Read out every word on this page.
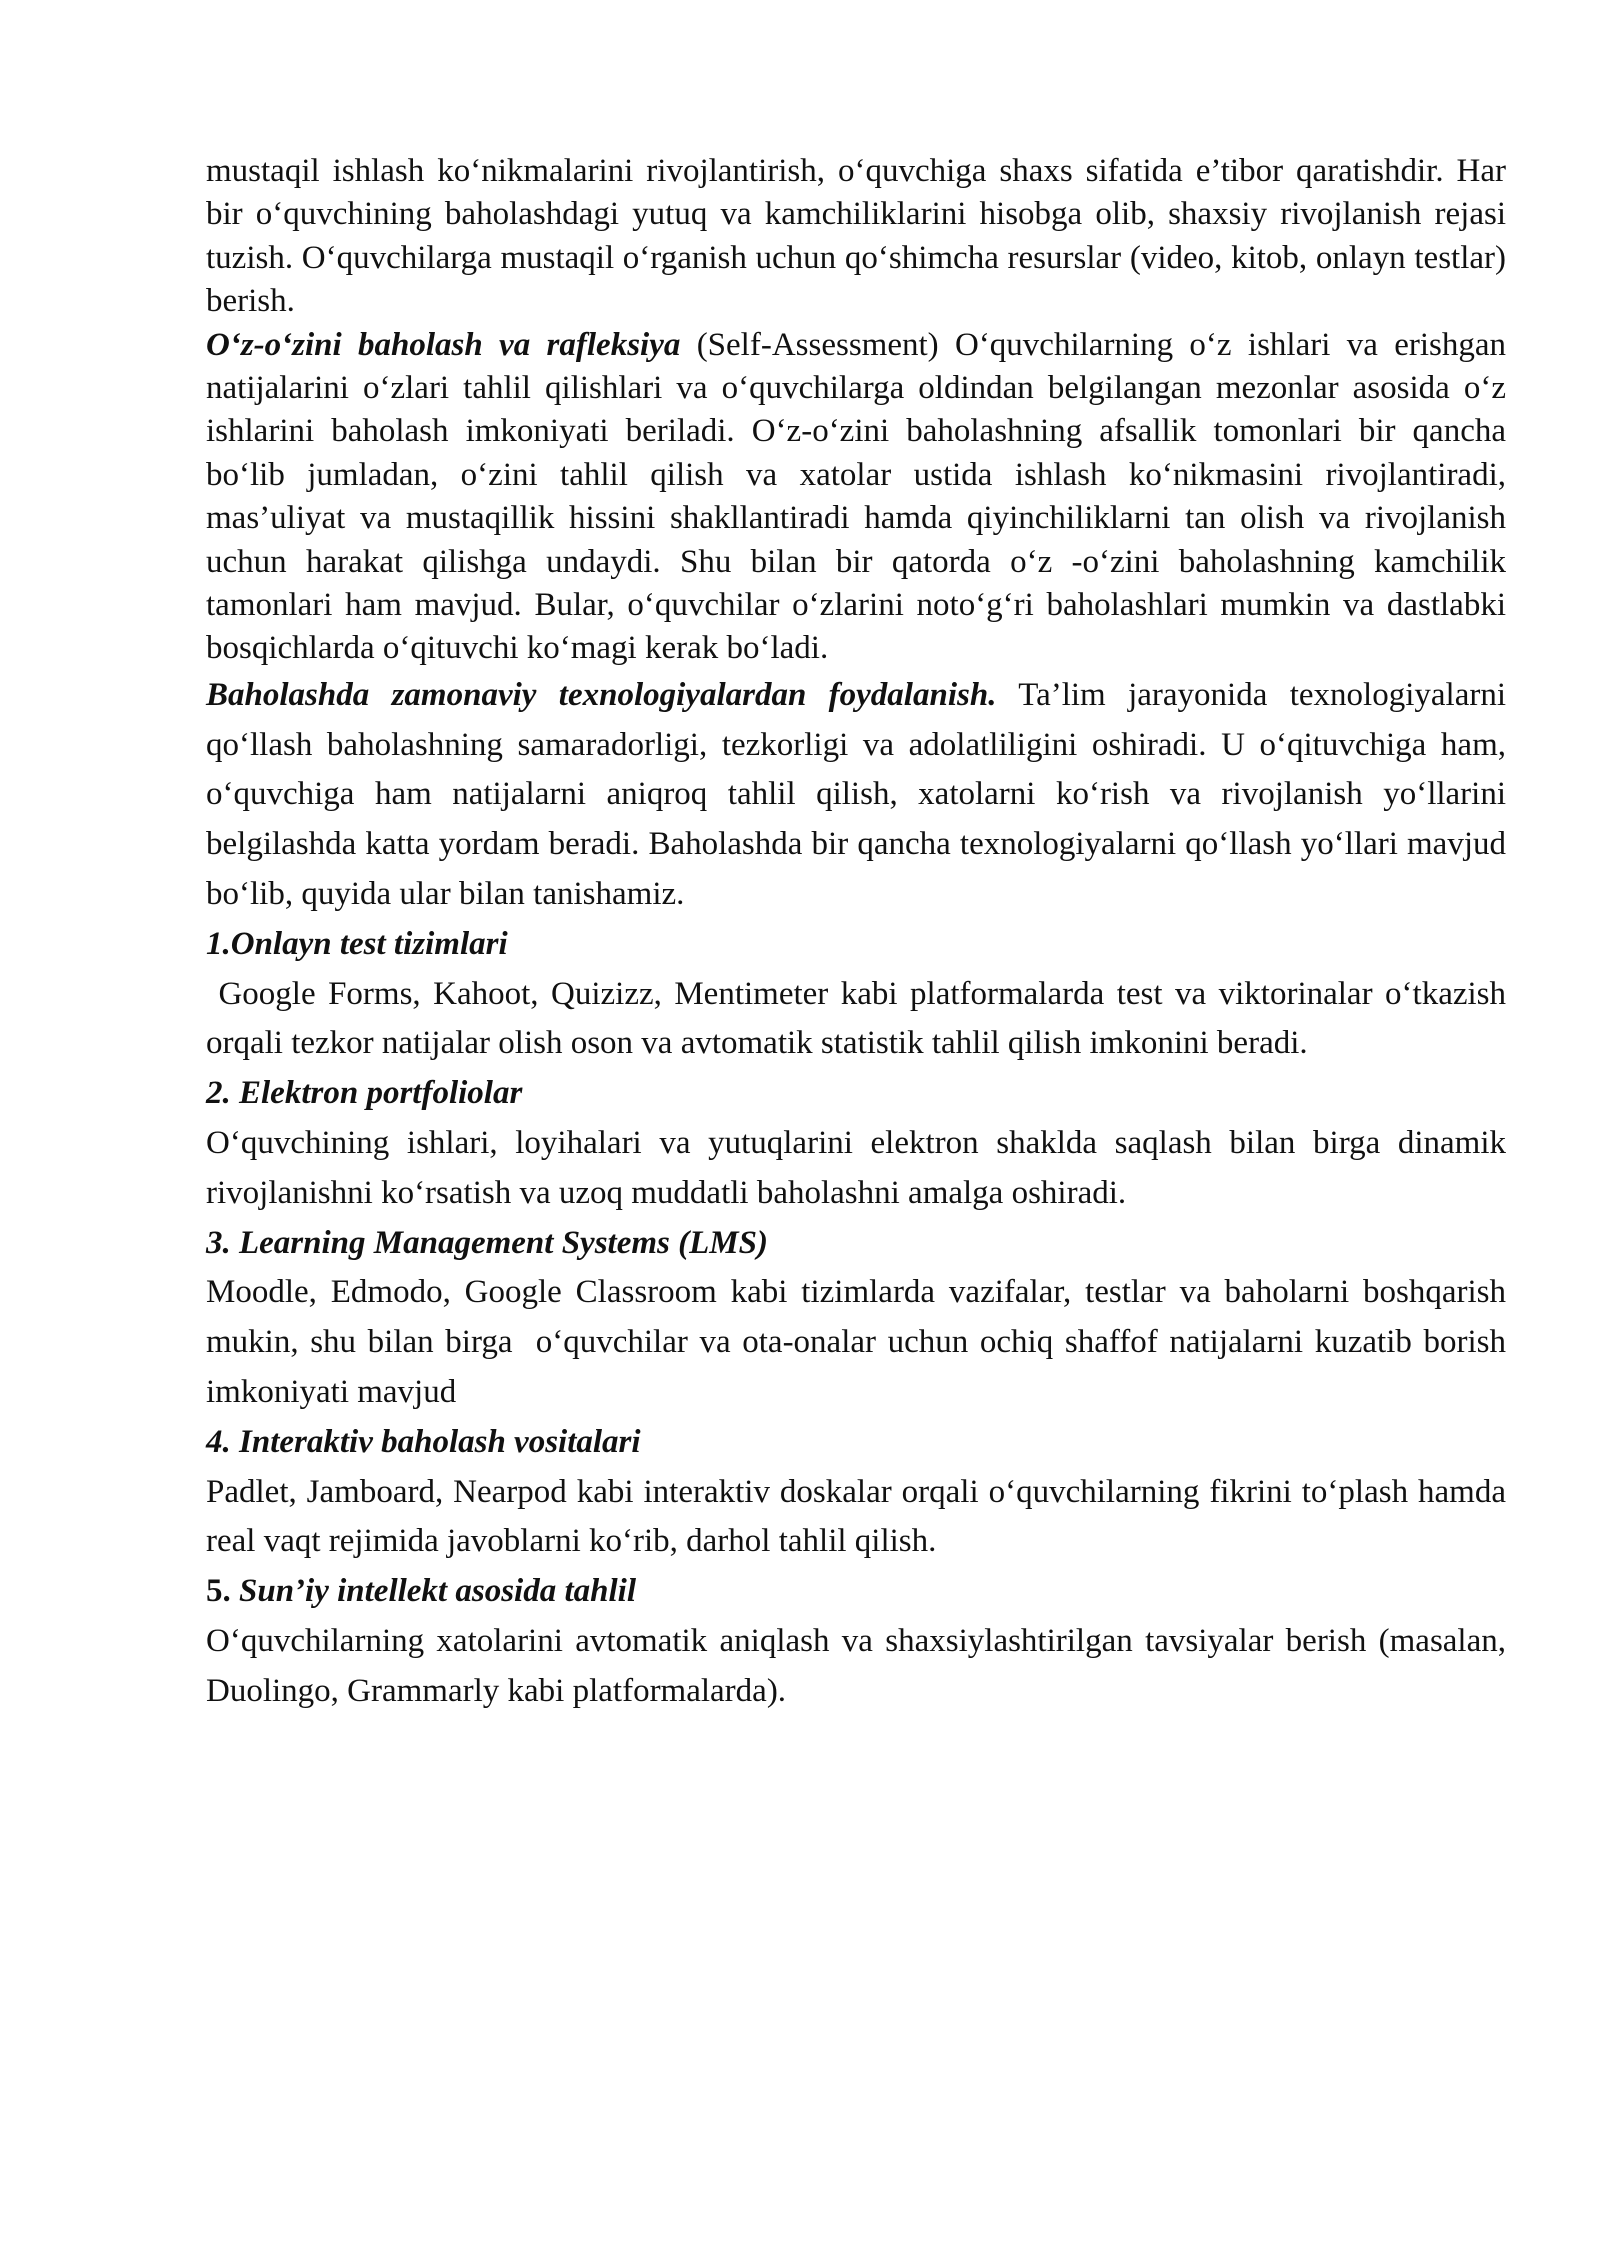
mustaqil ishlash ko‘nikmalarini rivojlantirish, o‘quvchiga shaxs sifatida e’tibor qaratishdir. Har bir o‘quvchining baholashdagi yutuq va kamchiliklarini hisobga olib, shaxsiy rivojlanish rejasi tuzish. O‘quvchilarga mustaqil o‘rganish uchun qo‘shimcha resurslar (video, kitob, onlayn testlar) berish.

O‘z-o‘zini baholash va rafleksiya (Self-Assessment) O‘quvchilarning o‘z ishlari va erishgan natijalarini o‘zlari tahlil qilishlari va o‘quvchilarga oldindan belgilangan mezonlar asosida o‘z ishlarini baholash imkoniyati beriladi. O‘z-o‘zini baholashning afsallik tomonlari bir qancha bo‘lib jumladan, o‘zini tahlil qilish va xatolar ustida ishlash ko‘nikmasini rivojlantiradi, mas’uliyat va mustaqillik hissini shakllantiradi hamda qiyinchiliklarni tan olish va rivojlanish uchun harakat qilishga undaydi. Shu bilan bir qatorda o‘z -o‘zini baholashning kamchilik tamonlari ham mavjud. Bular, o‘quvchilar o‘zlarini noto‘g‘ri baholashlari mumkin va dastlabki bosqichlarda o‘qituvchi ko‘magi kerak bo‘ladi.

Baholashda zamonaviy texnologiyalardan foydalanish. Ta’lim jarayonida texnologiyalarni qo‘llash baholashning samaradorligi, tezkorligi va adolatliligini oshiradi. U o‘qituvchiga ham, o‘quvchiga ham natijalarni aniqroq tahlil qilish, xatolarni ko‘rish va rivojlanish yo‘llarini belgilashda katta yordam beradi. Baholashda bir qancha texnologiyalarni qo‘llash yo‘llari mavjud bo‘lib, quyida ular bilan tanishamiz.

1.Onlayn test tizimlari

Google Forms, Kahoot, Quizizz, Mentimeter kabi platformalarda test va viktorinalar o‘tkazish orqali tezkor natijalar olish oson va avtomatik statistik tahlil qilish imkonini beradi.

2. Elektron portfoliolar

O‘quvchining ishlari, loyihalari va yutuqlarini elektron shaklda saqlash bilan birga dinamik rivojlanishni ko‘rsatish va uzoq muddatli baholashni amalga oshiradi.

3. Learning Management Systems (LMS)

Moodle, Edmodo, Google Classroom kabi tizimlarda vazifalar, testlar va baholarni boshqarish mukin, shu bilan birga  o‘quvchilar va ota-onalar uchun ochiq shaffof natijalarni kuzatib borish imkoniyati mavjud

4. Interaktiv baholash vositalari

Padlet, Jamboard, Nearpod kabi interaktiv doskalar orqali o‘quvchilarning fikrini to‘plash hamda real vaqt rejimida javoblarni ko‘rib, darhol tahlil qilish.

5. Sun’iy intellekt asosida tahlil

O‘quvchilarning xatolarini avtomatik aniqlash va shaxsiylashtirilgan tavsiyalar berish (masalan, Duolingo, Grammarly kabi platformalarda).
